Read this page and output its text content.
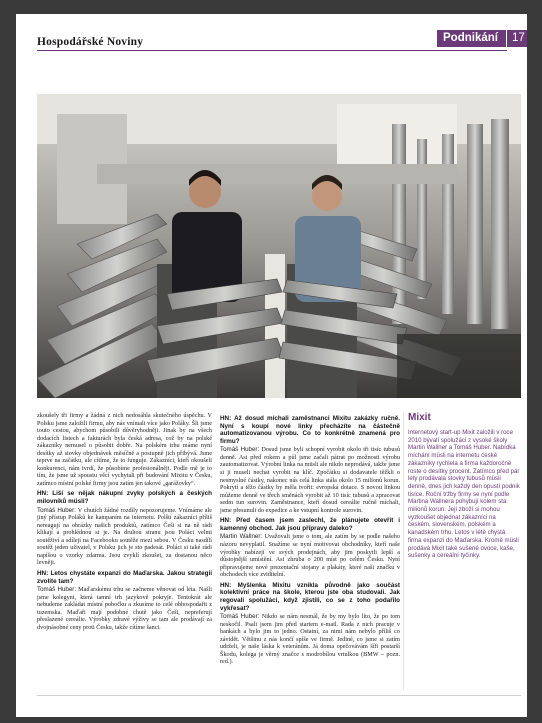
Hospodářské Noviny	Podnikání	17

zkoušely tři firmy a žádná z nich nedosáhla skutečného úspěchu. V Polsku jsme založili firmu, aby nás vnímali více jako Poláky. Šli jsme touto cestou, abychom působili důvěryhodněji. Jinak by na všech dodacích listech a fakturách byla česká adresa, což by na polské zákazníky nemusel o působit dobře. Na polském trhu máme nyní desítky až stovky objednávek měsíčně a postupně jich přibývá. Jsme teprve na začátku, ale cítíme, že to funguje. Zákazníci, kteří okoušeli konkurenci, nám tvrdí, že působíme profesionálněji. Podle mě je to tím, že jsme už spoustu věcí vychytali při budování Mixitu v Česku, zatímco místní polské firmy jsou zatím jen takové „garážovky“.

HN: Liší se nějak nákupní zvyky polských a českých milovníků müsli?

Tomáš Huber: V chutích žádné rozdíly nepozorujeme. Vnímáme ale jiný přístup Poláků ke kampaním na internetu. Polští zákazníci příliš nereagují na obrázky našich produktů, zatímco Češi si na ně rádi klikají a prohlédnou si je. Na druhou stranu jsou Poláci velmi soutěživí a sdílejí na Facebooku soutěže mezi sebou. V Česku nasdílí soutěž jeden uživatel, v Polsku jich je sto padesát. Poláci si také rádi napíšou o vzorky zdarma. Jsou zvyklí zkoušet, za dostanou něco levněji.

HN: Letos chystáte expanzi do Maďarska. Jakou strategii zvolíte tam?

Tomáš Huber: Maďarskému trhu se začneme věnovat od léta. Našli jsme kolegyni, která tamní trh jazykově pokryje. Tentokrát ale nebudeme zakládat místní pobočku a zkusíme to celé obhospodařit z tuzemska. Maďaři mají podobné chutě jako Češi, nepreferují přeslazené cereálie. Výrobky zdravé výživy se tam ale prodávají za dvojnásobné ceny proti Česku, takže cítíme šanci.

HN: Až dosud míchali zaměstnanci Mixitu zakázky ručně. Nyní s koupí nové linky přecházíte na částečně automatizovanou výrobu. Co to konkrétně znamená pro firmu?

Tomáš Huber: Dosud jsme byli schopní vyrobit okolo tři tisíc tubusů denně. Asi před rokem a půl jsme začali pátrat po možnosti výrobu zautomatizovat. Výrobní linka na müsli ale nikdo neprodává, takže jsme si ji museli nechat vyrobit na klíč. Zpočátku si dodavatele těžkli o nesmyslné částky, nakonec nás celá linka stála okolo 15 milionů korun. Pokrytí a těžo částky by měla tvořit: evropská dotace. S novou linkou můžeme denně ve třech směnách vyrobit až 10 tisíc tubusů a zpracovat sedm tun surovin. Zaměstnance, kteří dosud cereálie ručně míchali, jsme přesunuli do expedice a ke vstupní kontrole surovin.

HN: Před časem jsem zaslechl, že plánujete otevřít i kamenný obchod. Jak jsou přípravy daleko?

Martin Wallner: Uvažovali jsme o tom, ale zatím by se podle našeho názoru nevyplatil. Snažíme se nyní motivovat obchodníky, kteří naše výrobky nabízejí ve svých prodejnách, aby jim poskytli lepší a důstojnější umístění. Asi zhruba o 200 míst po celém Česku. Nyní připravujeme nové prezentační stojany a plakáty, které naši značku v obchodech více zviditelní.

HN: Myšlenka Mixitu vznikla původně jako součást kolektivní práce na škole, kterou jste oba studovali. Jak regovali spolužáci, když zjistili, co se z toho podařilo vykřesat?

Tomáš Huber: Nikdo se nám nesmál, že by my bylo líto, že po tom neskočil. Psali jsem jim před startem e-mail. Rada z nich pracuje v bankách a bylo jim to jedno. Ostatní, za nimi nám nebylo příliš co závidět. Většinu z nás končí spíše ve firmě. Jediné, co jsme si zatím udrželi, je naše láska k veteránům. Já doma opečovávám šíři postarší Škodu, kolega je věrný značce s modrobílou vrtulkou (BMW – pozn. red.).

Mixit

Internetový start-up Mixit založili v roce 2010 bývalí spolužáci z vysoké školy Martin Wallner a Tomáš Huber. Nabídka míchání müsli na internetu české zákazníky rychlela a firma každoročně roste o desítky procent. Zatímco před pár lety prodávala stovky tubusů müsli denně, dnes jich každý den opustí podnik tisíce. Roční tržby firmy se nyní podle Martina Wallnera pohybují kolem sta milionů korun. Její zboží si mohou vyzkoušet objednat zákazníci na českém, slovenském, polském a kanadském trhu. Letos v létě chystá firma expanzi do Maďarska. Kromě müsli prodává Mixit také sušené ovoce, kaše, sušenky a cereální tyčinky.
